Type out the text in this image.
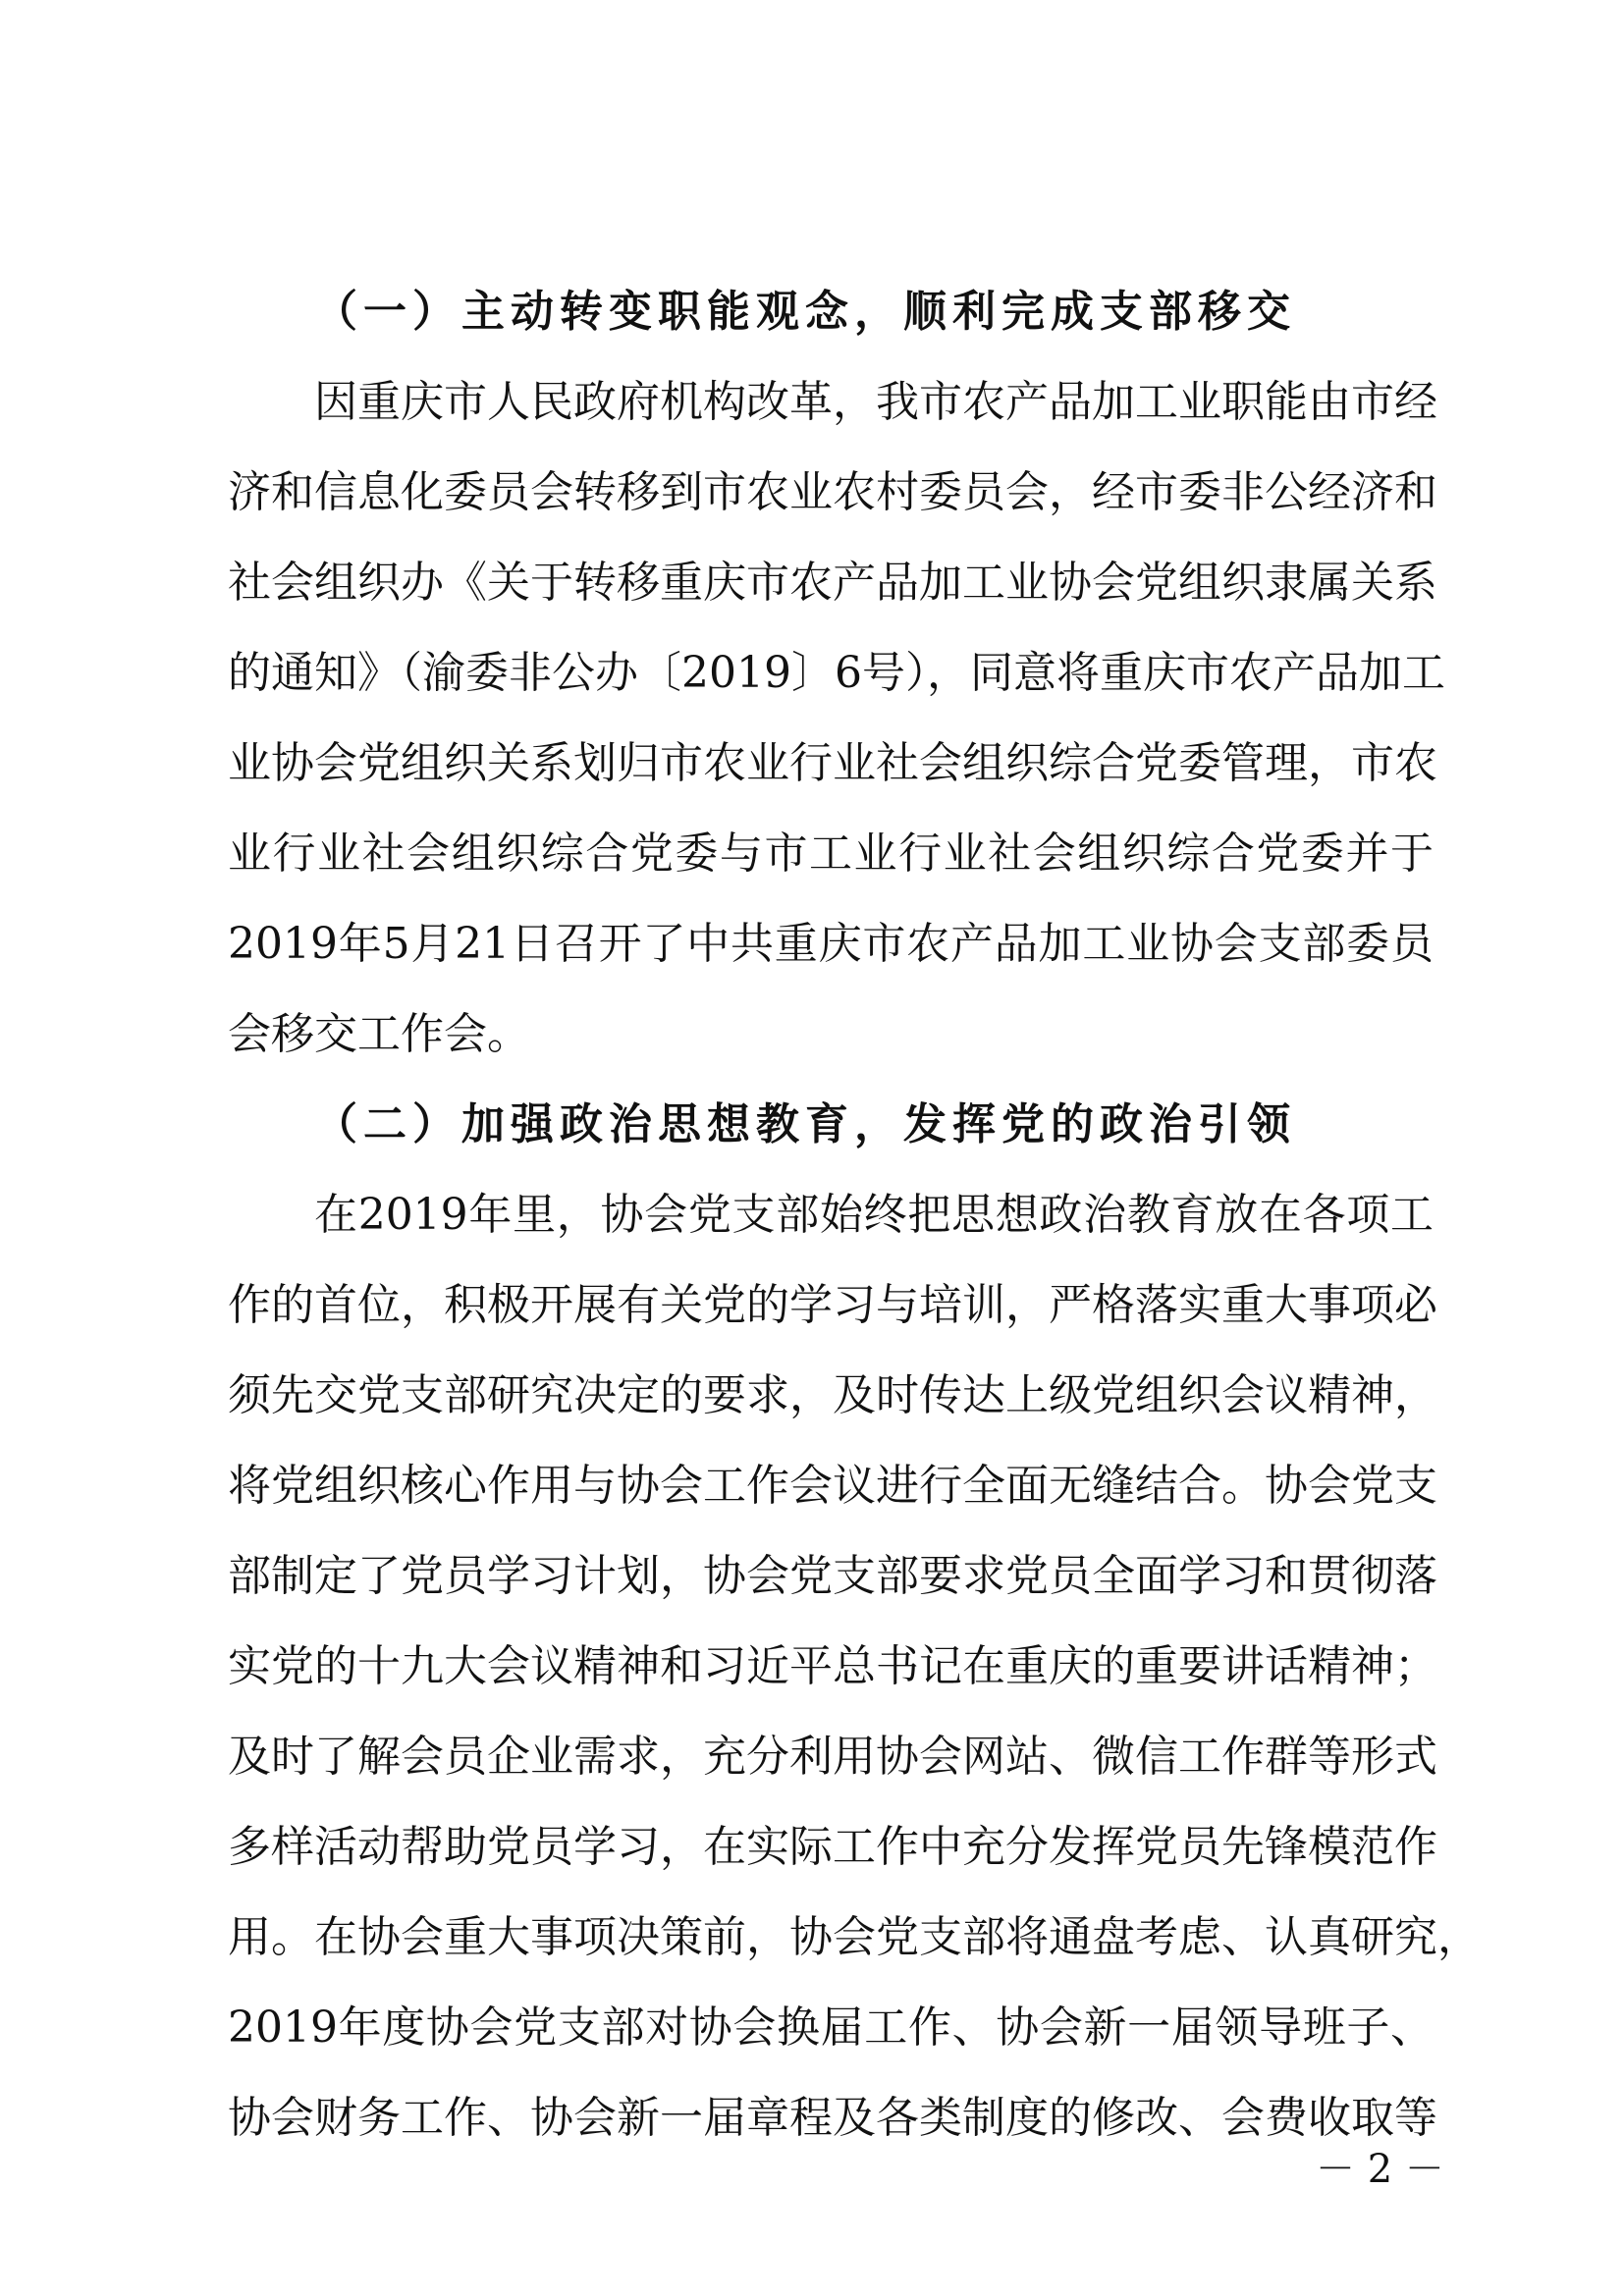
（一）主动转变职能观念，顺利完成支部移交
因重庆市人民政府机构改革，我市农产品加工业职能由市经
济和信息化委员会转移到市农业农村委员会，经市委非公经济和
社会组织办《关于转移重庆市农产品加工业协会党组织隶属关系
的通知》（渝委非公办〔2019〕6号），同意将重庆市农产品加工
业协会党组织关系划归市农业行业社会组织综合党委管理，市农
业行业社会组织综合党委与市工业行业社会组织综合党委并于
2019年5月21日召开了中共重庆市农产品加工业协会支部委员
会移交工作会。
（二）加强政治思想教育，发挥党的政治引领
在2019年里，协会党支部始终把思想政治教育放在各项工
作的首位，积极开展有关党的学习与培训，严格落实重大事项必
须先交党支部研究决定的要求，及时传达上级党组织会议精神，
将党组织核心作用与协会工作会议进行全面无缝结合。协会党支
部制定了党员学习计划，协会党支部要求党员全面学习和贯彻落
实党的十九大会议精神和习近平总书记在重庆的重要讲话精神；
及时了解会员企业需求，充分利用协会网站、微信工作群等形式
多样活动帮助党员学习，在实际工作中充分发挥党员先锋模范作
用。在协会重大事项决策前，协会党支部将通盘考虑、认真研究，
2019年度协会党支部对协会换届工作、协会新一届领导班子、
协会财务工作、协会新一届章程及各类制度的修改、会费收取等
－ 2 －
